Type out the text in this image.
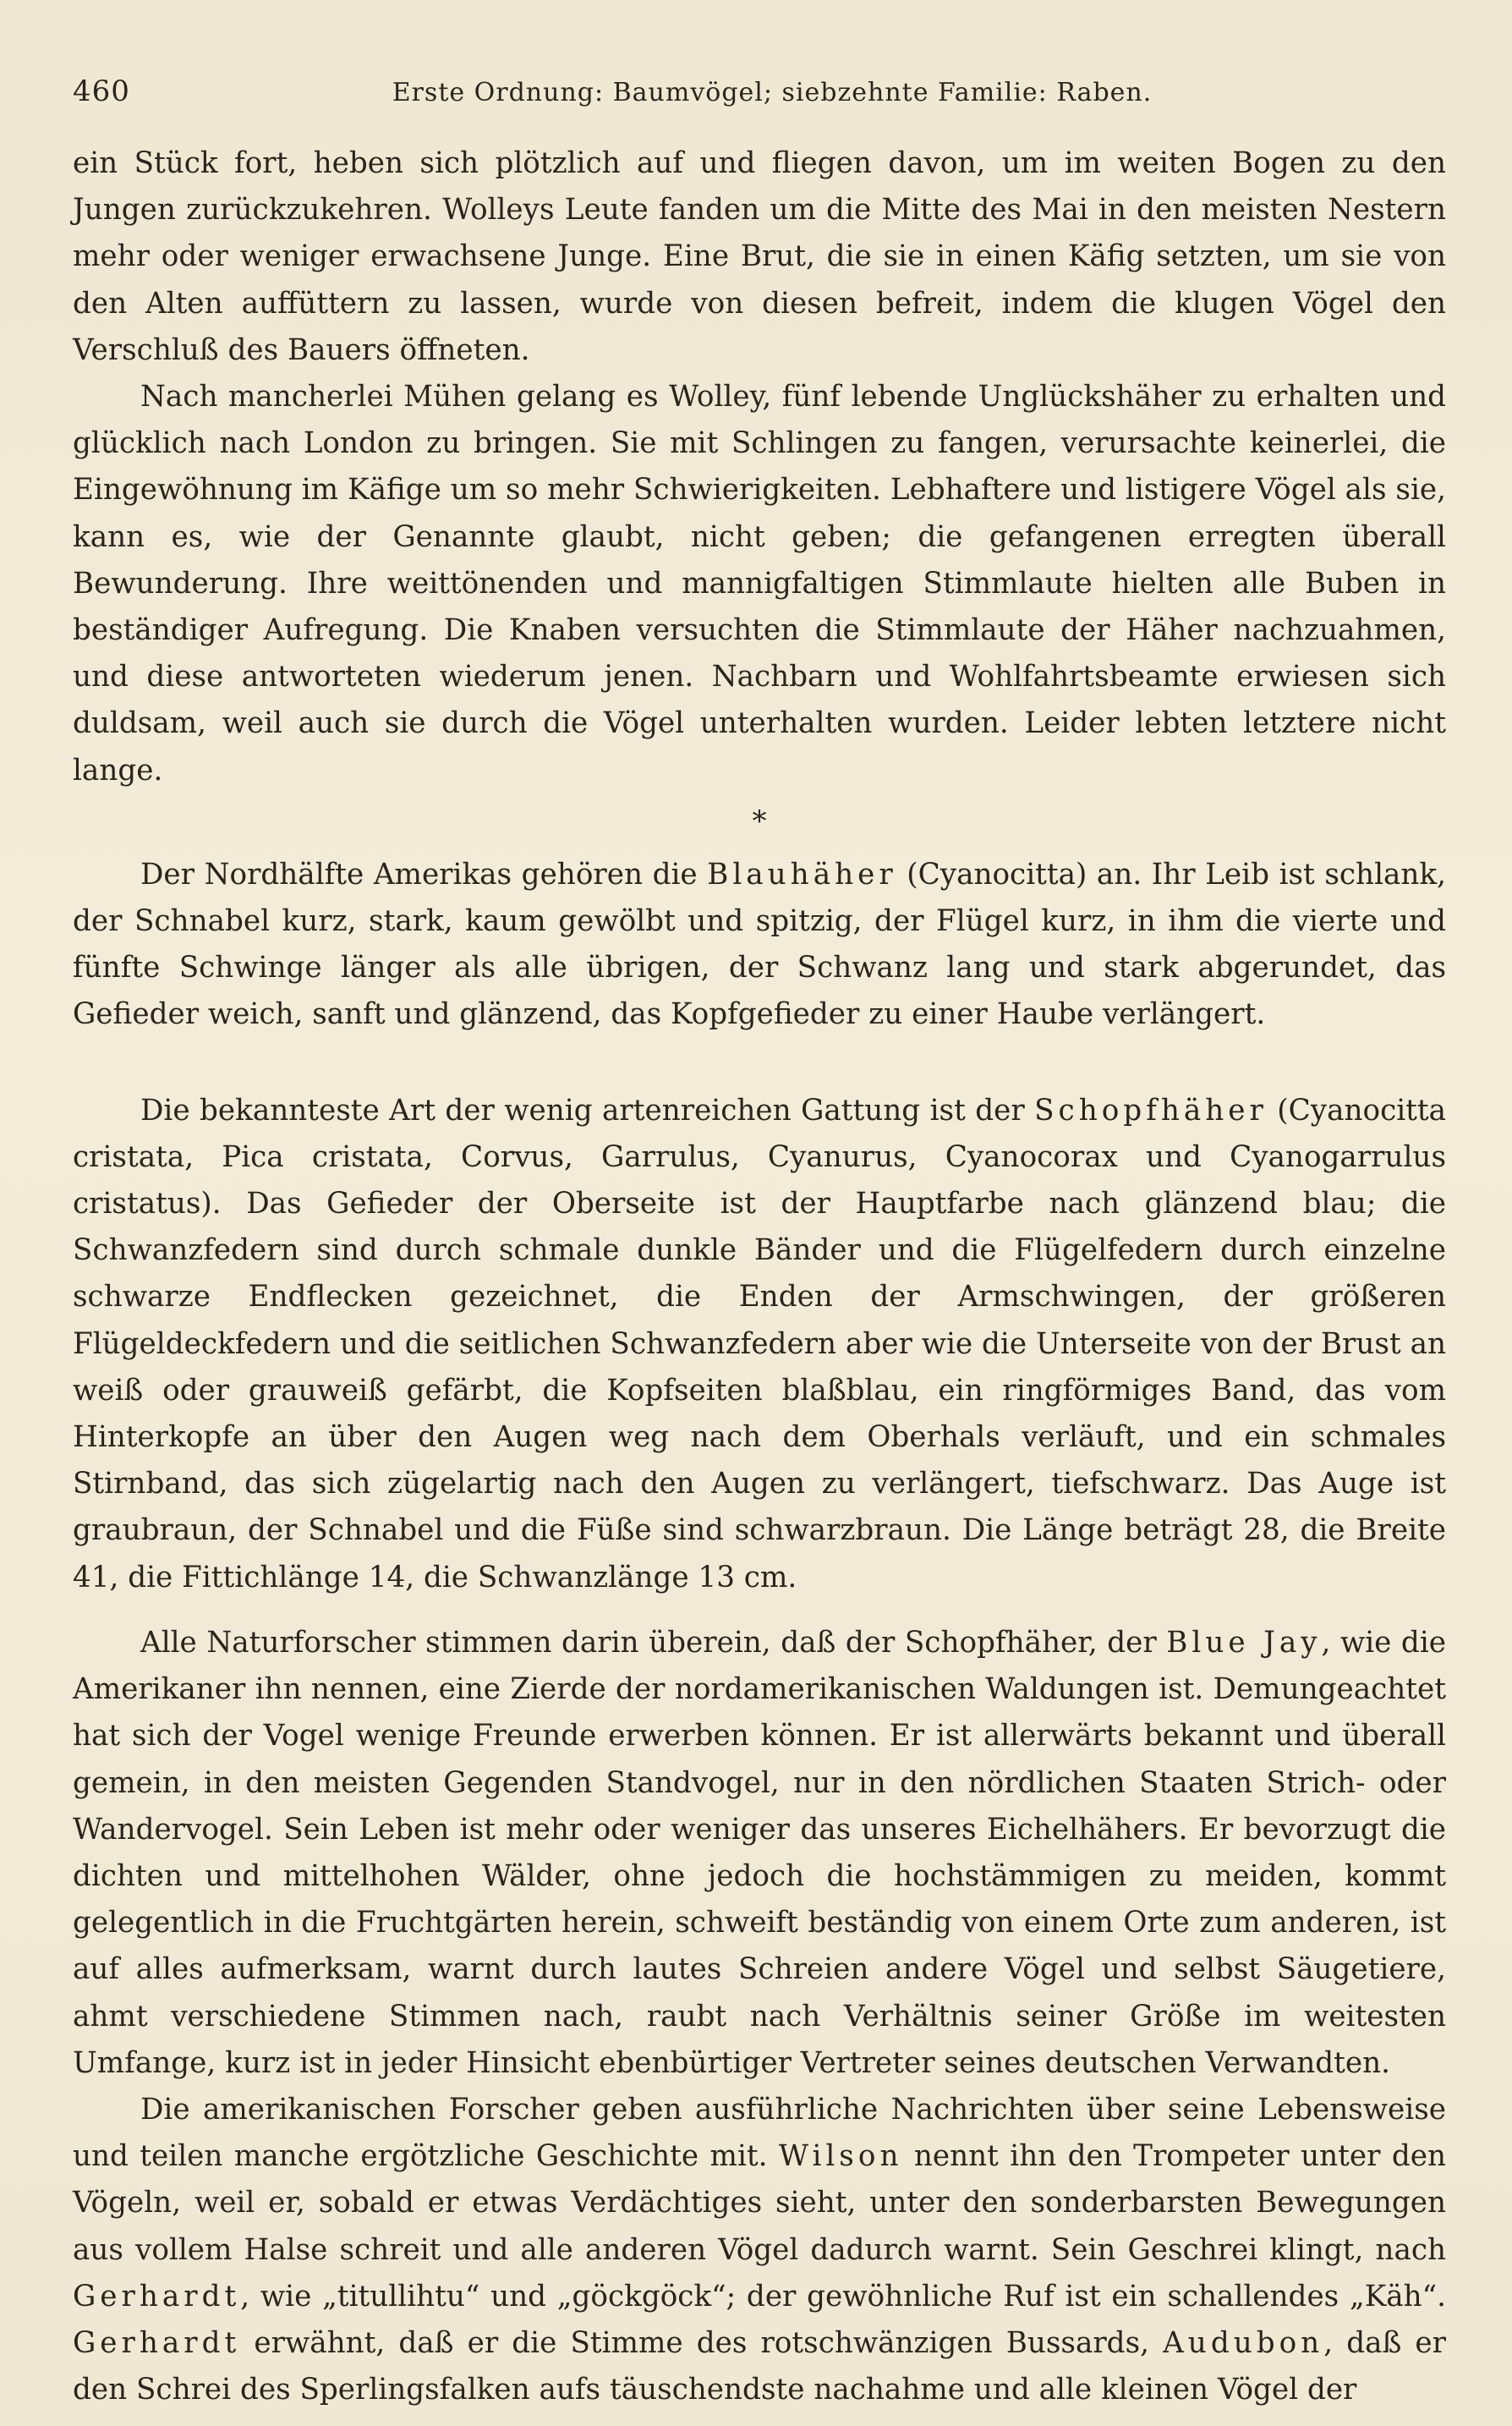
460	Erste Ordnung: Baumvögel; siebzehnte Familie: Raben.

ein Stück fort, heben sich plötzlich auf und fliegen davon, um im weiten Bogen zu den Jungen zurückzukehren. Wolleys Leute fanden um die Mitte des Mai in den meisten Nestern mehr oder weniger erwachsene Junge. Eine Brut, die sie in einen Käfig setzten, um sie von den Alten auffüttern zu lassen, wurde von diesen befreit, indem die klugen Vögel den Verschluß des Bauers öffneten.

Nach mancherlei Mühen gelang es Wolley, fünf lebende Unglückshäher zu erhalten und glücklich nach London zu bringen. Sie mit Schlingen zu fangen, verursachte keinerlei, die Eingewöhnung im Käfige um so mehr Schwierigkeiten. Lebhaftere und listigere Vögel als sie, kann es, wie der Genannte glaubt, nicht geben; die gefangenen erregten überall Bewunderung. Ihre weittönenden und mannigfaltigen Stimmlaute hielten alle Buben in beständiger Aufregung. Die Knaben versuchten die Stimmlaute der Häher nachzuahmen, und diese antworteten wiederum jenen. Nachbarn und Wohlfahrtsbeamte erwiesen sich duldsam, weil auch sie durch die Vögel unterhalten wurden. Leider lebten letztere nicht lange.

*

Der Nordhälfte Amerikas gehören die Blauhäher (Cyanocitta) an. Ihr Leib ist schlank, der Schnabel kurz, stark, kaum gewölbt und spitzig, der Flügel kurz, in ihm die vierte und fünfte Schwinge länger als alle übrigen, der Schwanz lang und stark abgerundet, das Gefieder weich, sanft und glänzend, das Kopfgefieder zu einer Haube verlängert.

Die bekannteste Art der wenig artenreichen Gattung ist der Schopfhäher (Cyanocitta cristata, Pica cristata, Corvus, Garrulus, Cyanurus, Cyanocorax und Cyanogarrulus cristatus). Das Gefieder der Oberseite ist der Hauptfarbe nach glänzend blau; die Schwanzfedern sind durch schmale dunkle Bänder und die Flügelfedern durch einzelne schwarze Endflecken gezeichnet, die Enden der Armschwingen, der größeren Flügeldeckfedern und die seitlichen Schwanzfedern aber wie die Unterseite von der Brust an weiß oder grauweiß gefärbt, die Kopfseiten blaßblau, ein ringförmiges Band, das vom Hinterkopfe an über den Augen weg nach dem Oberhals verläuft, und ein schmales Stirnband, das sich zügelartig nach den Augen zu verlängert, tiefschwarz. Das Auge ist graubraun, der Schnabel und die Füße sind schwarzbraun. Die Länge beträgt 28, die Breite 41, die Fittichlänge 14, die Schwanzlänge 13 cm.

Alle Naturforscher stimmen darin überein, daß der Schopfhäher, der Blue Jay, wie die Amerikaner ihn nennen, eine Zierde der nordamerikanischen Waldungen ist. Demungeachtet hat sich der Vogel wenige Freunde erwerben können. Er ist allerwärts bekannt und überall gemein, in den meisten Gegenden Standvogel, nur in den nördlichen Staaten Strich- oder Wandervogel. Sein Leben ist mehr oder weniger das unseres Eichelhähers. Er bevorzugt die dichten und mittelhohen Wälder, ohne jedoch die hochstämmigen zu meiden, kommt gelegentlich in die Fruchtgärten herein, schweift beständig von einem Orte zum anderen, ist auf alles aufmerksam, warnt durch lautes Schreien andere Vögel und selbst Säugetiere, ahmt verschiedene Stimmen nach, raubt nach Verhältnis seiner Größe im weitesten Umfange, kurz ist in jeder Hinsicht ebenbürtiger Vertreter seines deutschen Verwandten.

Die amerikanischen Forscher geben ausführliche Nachrichten über seine Lebensweise und teilen manche ergötzliche Geschichte mit. Wilson nennt ihn den Trompeter unter den Vögeln, weil er, sobald er etwas Verdächtiges sieht, unter den sonderbarsten Bewegungen aus vollem Halse schreit und alle anderen Vögel dadurch warnt. Sein Geschrei klingt, nach Gerhardt, wie „titullihtu“ und „göckgöck“; der gewöhnliche Ruf ist ein schallendes „Käh“. Gerhardt erwähnt, daß er die Stimme des rotschwänzigen Bussards, Audubon, daß er den Schrei des Sperlingsfalken aufs täuschendste nachahme und alle kleinen Vögel der
